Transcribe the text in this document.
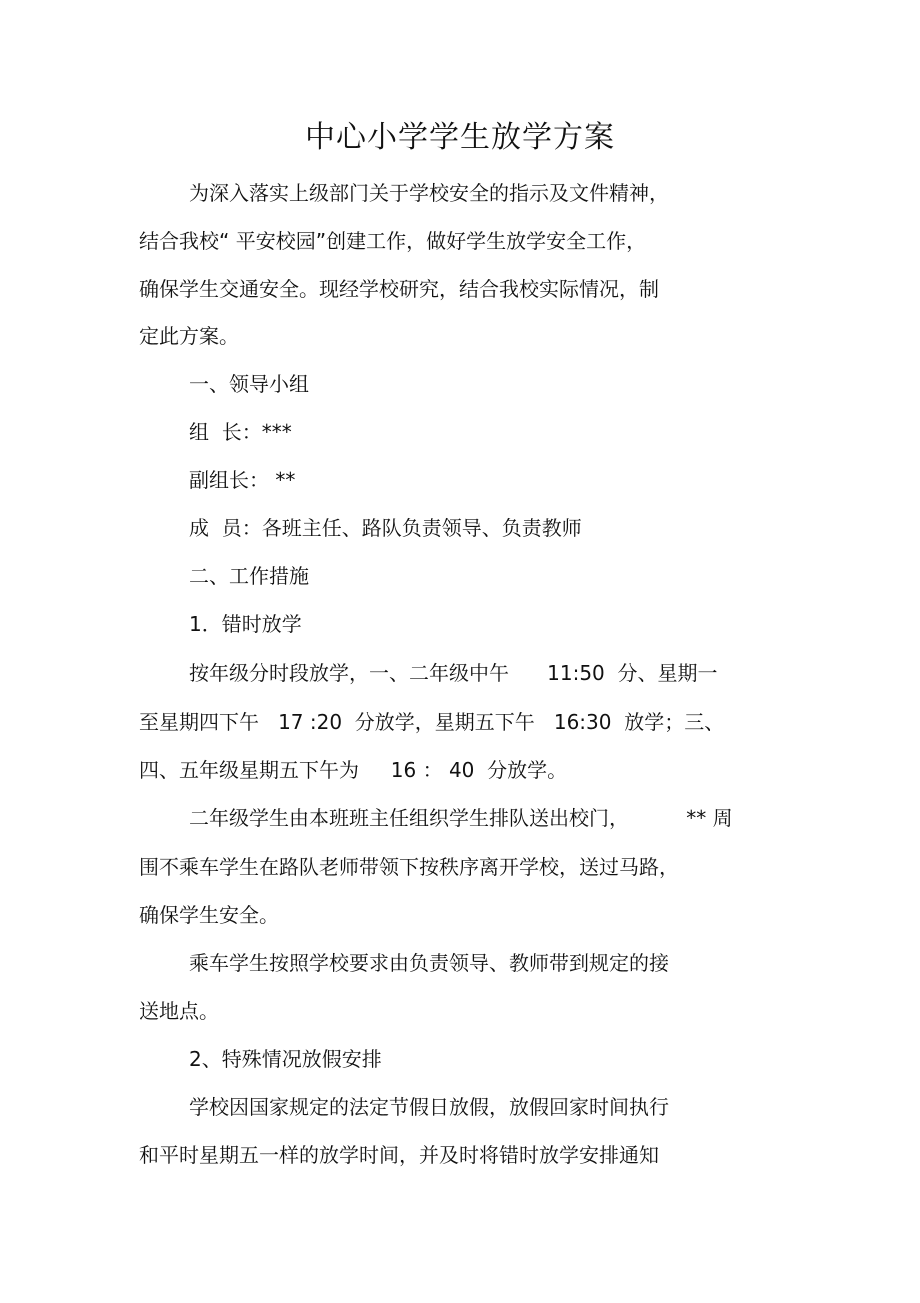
中心小学学生放学方案

为深入落实上级部门关于学校安全的指示及文件精神，

结合我校“ 平安校园”创建工作，做好学生放学安全工作，

确保学生交通安全。现经学校研究，结合我校实际情况，制

定此方案。

一、领导小组

组  长：***

副组长： **

成  员：各班主任、路队负责领导、负责教师

二、工作措施

1．错时放学

按年级分时段放学，一、二年级中午      11:50  分、星期一

至星期四下午   17 :20  分放学，星期五下午   16:30  放学；三、

四、五年级星期五下午为     16 ： 40  分放学。

二年级学生由本班班主任组织学生排队送出校门，         ** 周

围不乘车学生在路队老师带领下按秩序离开学校，送过马路，

确保学生安全。

乘车学生按照学校要求由负责领导、教师带到规定的接

送地点。

2、特殊情况放假安排

学校因国家规定的法定节假日放假，放假回家时间执行

和平时星期五一样的放学时间，并及时将错时放学安排通知
